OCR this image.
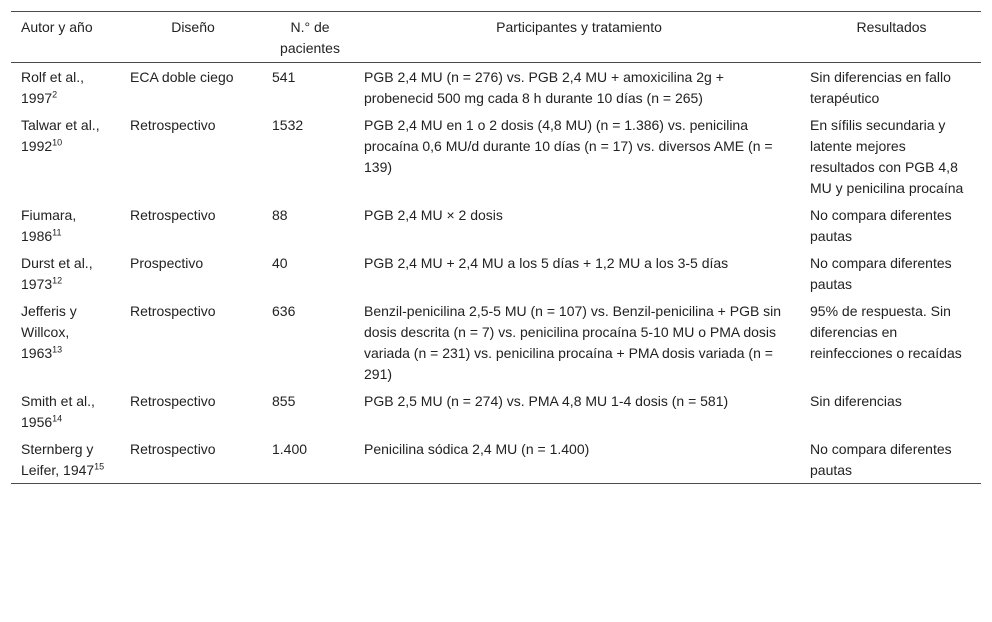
Autor y año	Diseño	N.° de pacientes	Participantes y tratamiento	Resultados
Rolf et al., 1997$^2$	ECA doble ciego	541	PGB 2,4 MU (n = 276) vs. PGB 2,4 MU + amoxicilina 2g + probenecid 500 mg cada 8 h durante 10 días (n = 265)	Sin diferencias en fallo terapéutico
Talwar et al., 1992$^{10}$	Retrospectivo	1532	PGB 2,4 MU en 1 o 2 dosis (4,8 MU) (n = 1.386) vs. penicilina procaína 0,6 MU/d durante 10 días (n = 17) vs. diversos AME (n = 139)	En sífilis secundaria y latente mejores resultados con PGB 4,8 MU y penicilina procaína
Fiumara, 1986$^{11}$	Retrospectivo	88	PGB 2,4 MU × 2 dosis	No compara diferentes pautas
Durst et al., 1973$^{12}$	Prospectivo	40	PGB 2,4 MU + 2,4 MU a los 5 días + 1,2 MU a los 3-5 días	No compara diferentes pautas
Jefferis y Willcox, 1963$^{13}$	Retrospectivo	636	Benzil-penicilina 2,5-5 MU (n = 107) vs. Benzil-penicilina + PGB sin dosis descrita (n = 7) vs. penicilina procaína 5-10 MU o PMA dosis variada (n = 231) vs. penicilina procaína + PMA dosis variada (n = 291)	95% de respuesta. Sin diferencias en reinfecciones o recaídas
Smith et al., 1956$^{14}$	Retrospectivo	855	PGB 2,5 MU (n = 274) vs. PMA 4,8 MU 1-4 dosis (n = 581)	Sin diferencias
Sternberg y Leifer, 1947$^{15}$	Retrospectivo	1.400	Penicilina sódica 2,4 MU (n = 1.400)	No compara diferentes pautas
